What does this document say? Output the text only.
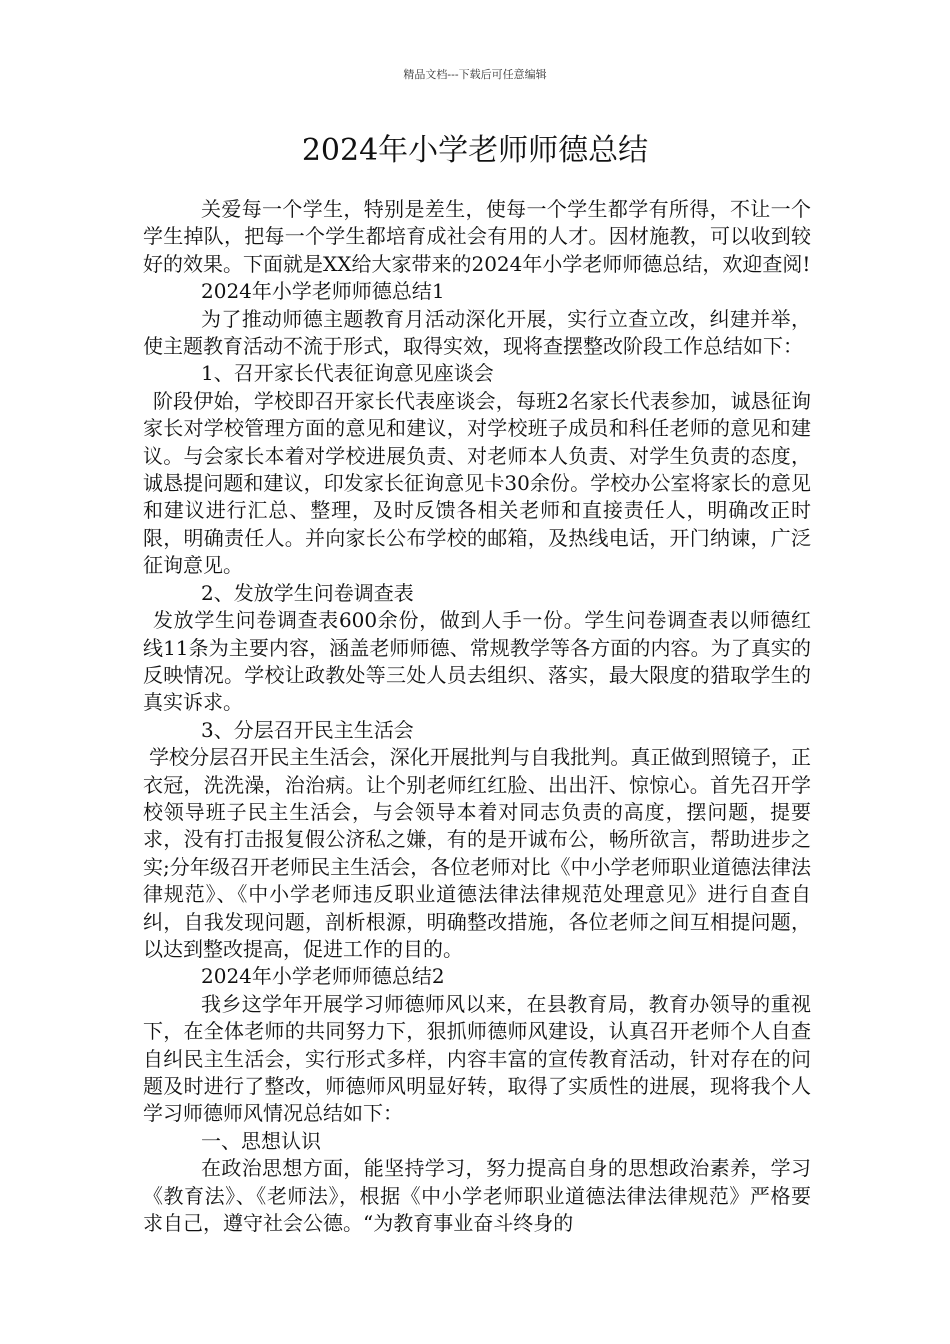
精品文档---下载后可任意编辑
2024年小学老师师德总结

关爱每一个学生，特别是差生，使每一个学生都学有所得，不让一个学生掉队，把每一个学生都培育成社会有用的人才。因材施教，可以收到较好的效果。下面就是XX给大家带来的2024年小学老师师德总结，欢迎查阅!

2024年小学老师师德总结1

为了推动师德主题教育月活动深化开展，实行立查立改，纠建并举，使主题教育活动不流于形式，取得实效，现将查摆整改阶段工作总结如下：

1、召开家长代表征询意见座谈会

阶段伊始，学校即召开家长代表座谈会，每班2名家长代表参加，诚恳征询家长对学校管理方面的意见和建议，对学校班子成员和科任老师的意见和建议。与会家长本着对学校进展负责、对老师本人负责、对学生负责的态度，诚恳提问题和建议，印发家长征询意见卡30余份。学校办公室将家长的意见和建议进行汇总、整理，及时反馈各相关老师和直接责任人，明确改正时限，明确责任人。并向家长公布学校的邮箱，及热线电话，开门纳谏，广泛征询意见。

2、发放学生问卷调查表

发放学生问卷调查表600余份，做到人手一份。学生问卷调查表以师德红线11条为主要内容，涵盖老师师德、常规教学等各方面的内容。为了真实的反映情况。学校让政教处等三处人员去组织、落实，最大限度的猎取学生的真实诉求。

3、分层召开民主生活会

学校分层召开民主生活会，深化开展批判与自我批判。真正做到照镜子，正衣冠，洗洗澡，治治病。让个别老师红红脸、出出汗、惊惊心。首先召开学校领导班子民主生活会，与会领导本着对同志负责的高度，摆问题，提要求，没有打击报复假公济私之嫌，有的是开诚布公，畅所欲言，帮助进步之实;分年级召开老师民主生活会，各位老师对比《中小学老师职业道德法律法律规范》、《中小学老师违反职业道德法律法律规范处理意见》进行自查自纠，自我发现问题，剖析根源，明确整改措施，各位老师之间互相提问题，以达到整改提高，促进工作的目的。

2024年小学老师师德总结2

我乡这学年开展学习师德师风以来，在县教育局，教育办领导的重视下，在全体老师的共同努力下，狠抓师德师风建设，认真召开老师个人自查自纠民主生活会，实行形式多样，内容丰富的宣传教育活动，针对存在的问题及时进行了整改，师德师风明显好转，取得了实质性的进展，现将我个人学习师德师风情况总结如下：

一、思想认识

在政治思想方面，能坚持学习，努力提高自身的思想政治素养，学习《教育法》、《老师法》，根据《中小学老师职业道德法律法律规范》严格要求自己，遵守社会公德。“为教育事业奋斗终身的
